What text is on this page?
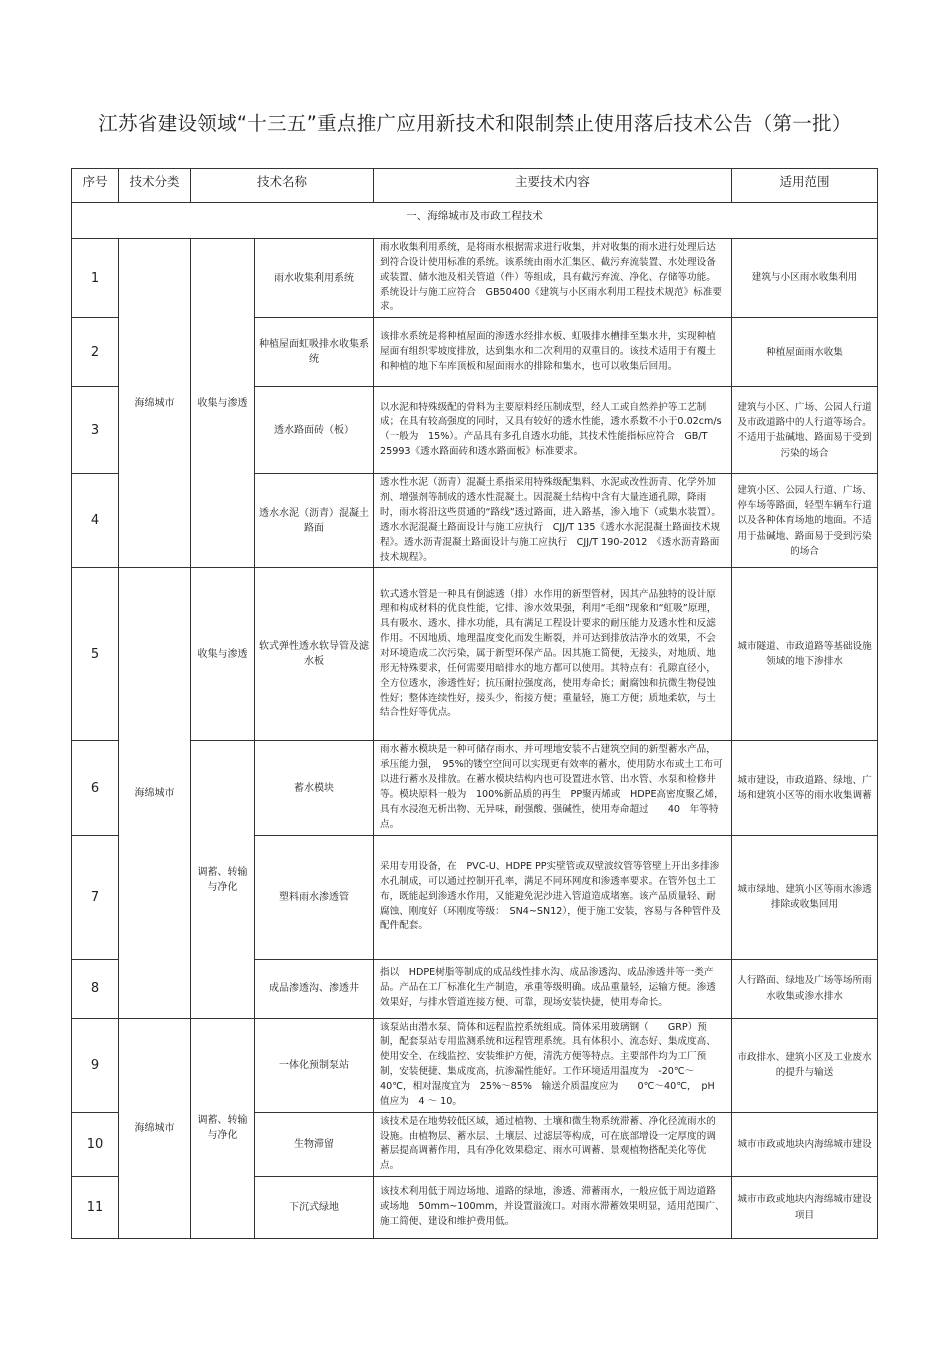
江苏省建设领域“十三五”重点推广应用新技术和限制禁止使用落后技术公告（第一批）
序号	技术分类	技术名称		主要技术内容	适用范围
一、海绵城市及市政工程技术					
1	海绵城市	收集与渗透	雨水收集利用系统	雨水收集利用系统，是将雨水根据需求进行收集，并对收集的雨水进行处理后达到符合设计使用标准的系统。该系统由雨水汇集区、截污弃流装置、水处理设备或装置、储水池及相关管道（件）等组成，具有截污弃流、净化、存储等功能。系统设计与施工应符合　GB50400《建筑与小区雨水利用工程技术规范》标准要求。	建筑与小区雨水收集利用
2			种植屋面虹吸排水收集系统	该排水系统是将种植屋面的渗透水经排水板、虹吸排水槽排至集水井，实现种植屋面有组织零坡度排放，达到集水和二次利用的双重目的。该技术适用于有覆土和种植的地下车库顶板和屋面雨水的排除和集水，也可以收集后回用。	种植屋面雨水收集
3			透水路面砖（板）	以水泥和特殊级配的骨料为主要原料经压制成型，经人工或自然养护等工艺制成；在具有较高强度的同时，又具有较好的透水性能，透水系数不小于0.02cm/s（一般为　15%）。产品具有多孔自透水功能，其技术性能指标应符合　GB/T 25993《透水路面砖和透水路面板》标准要求。	建筑与小区、广场、公园人行道及市政道路中的人行道等场合。不适用于盐碱地、路面易于受到污染的场合
4			透水水泥（沥青）混凝土路面	透水性水泥（沥青）混凝土系指采用特殊级配集料、水泥或改性沥青、化学外加剂、增强剂等制成的透水性混凝土。因混凝土结构中含有大量连通孔隙，降雨时，雨水将沿这些贯通的“路线”透过路面，进入路基，渗入地下（或集水装置）。透水水泥混凝土路面设计与施工应执行　CJJ/T 135《透水水泥混凝土路面技术规程》。透水沥青混凝土路面设计与施工应执行　CJJ/T 190-2012　《透水沥青路面技术规程》。	建筑小区、公园人行道、广场、停车场等路面，轻型车辆车行道以及各种体育场地的地面。不适用于盐碱地、路面易于受到污染的场合
5	海绵城市	收集与渗透	软式弹性透水软导管及滤水板	软式透水管是一种具有倒滤透（排）水作用的新型管材，因其产品独特的设计原理和构成材料的优良性能，它排、渗水效果强，利用“毛细”现象和“虹吸”原理，具有吸水、透水、排水功能，具有满足工程设计要求的耐压能力及透水性和反滤作用。不因地质、地理温度变化而发生断裂，并可达到排放洁净水的效果，不会对环境造成二次污染，属于新型环保产品。因其施工简便，无接头，对地质、地形无特殊要求，任何需要用暗排水的地方都可以使用。其特点有：孔隙直径小，全方位透水，渗透性好；抗压耐拉强度高，使用寿命长；耐腐蚀和抗微生物侵蚀性好；整体连续性好，接头少，衔接方便；重量轻，施工方便；质地柔软，与土结合性好等优点。	城市隧道、市政道路等基础设施领域的地下渗排水
6		调蓄、转输与净化	蓄水模块	雨水蓄水模块是一种可储存雨水、并可埋地安装不占建筑空间的新型蓄水产品，承压能力强，　95%的镂空空间可以实现更有效率的蓄水，使用防水布或土工布可以进行蓄水及排放。在蓄水模块结构内也可设置进水管、出水管、水泵和检修井等。模块原料一般为　100%新品质的再生　PP聚丙烯或　HDPE高密度聚乙烯，具有水浸泡无析出物、无异味，耐强酸、强碱性，使用寿命超过　　40　年等特点。	城市建设，市政道路、绿地、广场和建筑小区等的雨水收集调蓄
7			塑料雨水渗透管	采用专用设备，在　PVC-U、HDPE PP实壁管或双壁波纹管等管壁上开出多排渗水孔制成，可以通过控制开孔率，满足不同环网度和渗透率要求。在管外包土工布，既能起到渗透水作用，又能避免泥沙进入管道造成堵塞。该产品质量轻、耐腐蚀、刚度好（环刚度等级：　SN4~SN12），便于施工安装，容易与各种管件及配件配套。	城市绿地、建筑小区等雨水渗透排除或收集回用
8			成品渗透沟、渗透井	指以　HDPE树脂等制成的成品线性排水沟、成品渗透沟、成品渗透井等一类产品。产品在工厂标准化生产制造，承重等级明确。成品重量轻，运输方便。渗透效果好，与排水管道连接方便、可靠，现场安装快捷，使用寿命长。	人行路面、绿地及广场等场所雨水收集或渗水排水
9	海绵城市	调蓄、转输与净化	一体化预制泵站	该泵站由潜水泵、筒体和远程监控系统组成。筒体采用玻璃钢（　　GRP）预制，配套泵站专用监测系统和远程管理系统。具有体积小、流态好、集成度高、使用安全、在线监控、安装维护方便，清洗方便等特点。主要部件均为工厂预制，安装便捷、集成度高，抗渗漏性能好。工作环境适用温度为　-20℃～40℃，相对湿度宜为　25%～85%　输送介质温度应为　　0℃～40℃，　pH 值应为　4 ～ 10。	市政排水、建筑小区及工业废水的提升与输送
10			生物滞留	该技术是在地势较低区域，通过植物、土壤和微生物系统滞蓄、净化径流雨水的设施。由植物层、蓄水层、土壤层、过滤层等构成，可在底部增设一定厚度的调蓄层提高调蓄作用，具有净化效果稳定、雨水可调蓄、景观植物搭配美化等优点。	城市市政或地块内海绵城市建设
11			下沉式绿地	该技术利用低于周边场地、道路的绿地，渗透、滞蓄雨水，一般应低于周边道路或场地　50mm~100mm，并设置溢流口。对雨水滞蓄效果明显，适用范围广、施工简便、建设和维护费用低。	城市市政或地块内海绵城市建设项目
